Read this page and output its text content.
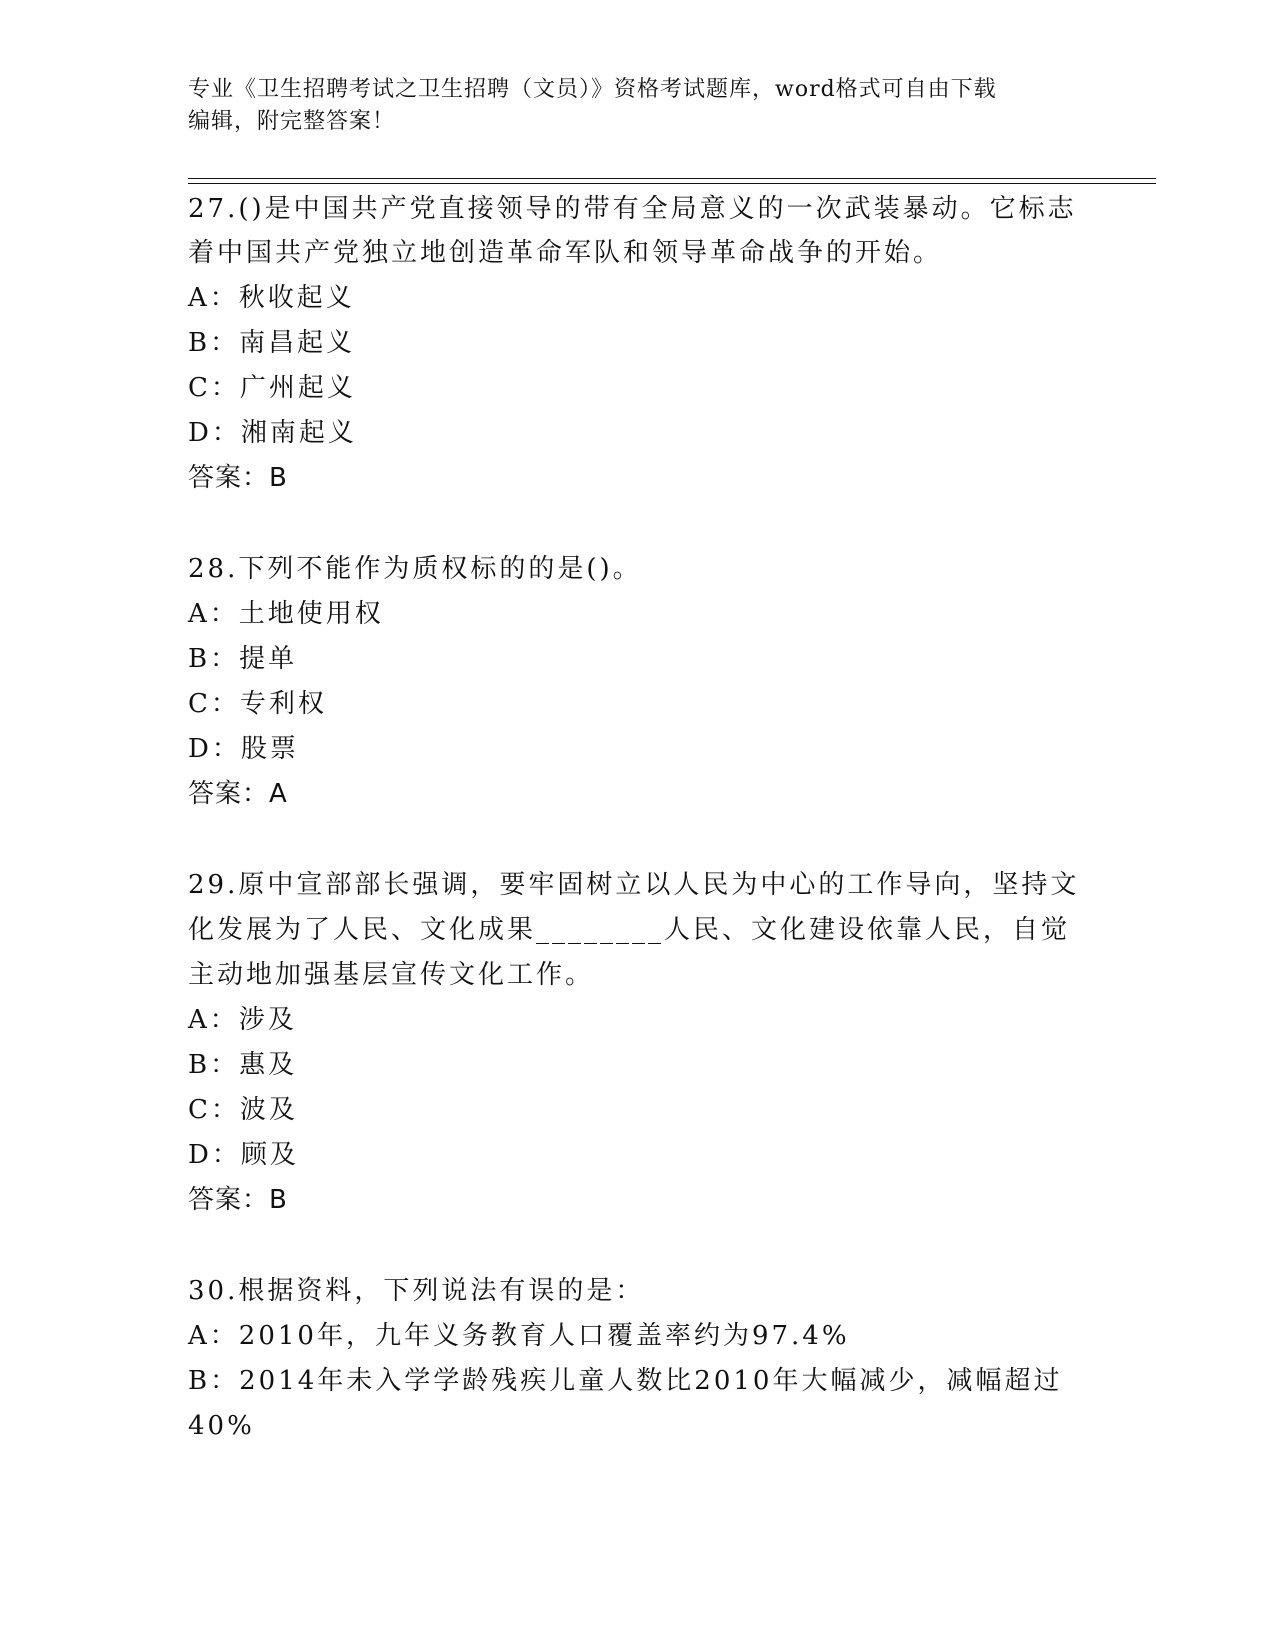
专业《卫生招聘考试之卫生招聘（文员）》资格考试题库，word格式可自由下载
编辑，附完整答案！
27.()是中国共产党直接领导的带有全局意义的一次武装暴动。它标志
着中国共产党独立地创造革命军队和领导革命战争的开始。
A：秋收起义
B：南昌起义
C：广州起义
D：湘南起义
答案：B
28.下列不能作为质权标的的是()。
A：土地使用权
B：提单
C：专利权
D：股票
答案：A
29.原中宣部部长强调，要牢固树立以人民为中心的工作导向，坚持文
化发展为了人民、文化成果________人民、文化建设依靠人民，自觉
主动地加强基层宣传文化工作。
A：涉及
B：惠及
C：波及
D：顾及
答案：B
30.根据资料，下列说法有误的是：
A：2010年，九年义务教育人口覆盖率约为97.4%
B：2014年未入学学龄残疾儿童人数比2010年大幅减少，减幅超过
40%
